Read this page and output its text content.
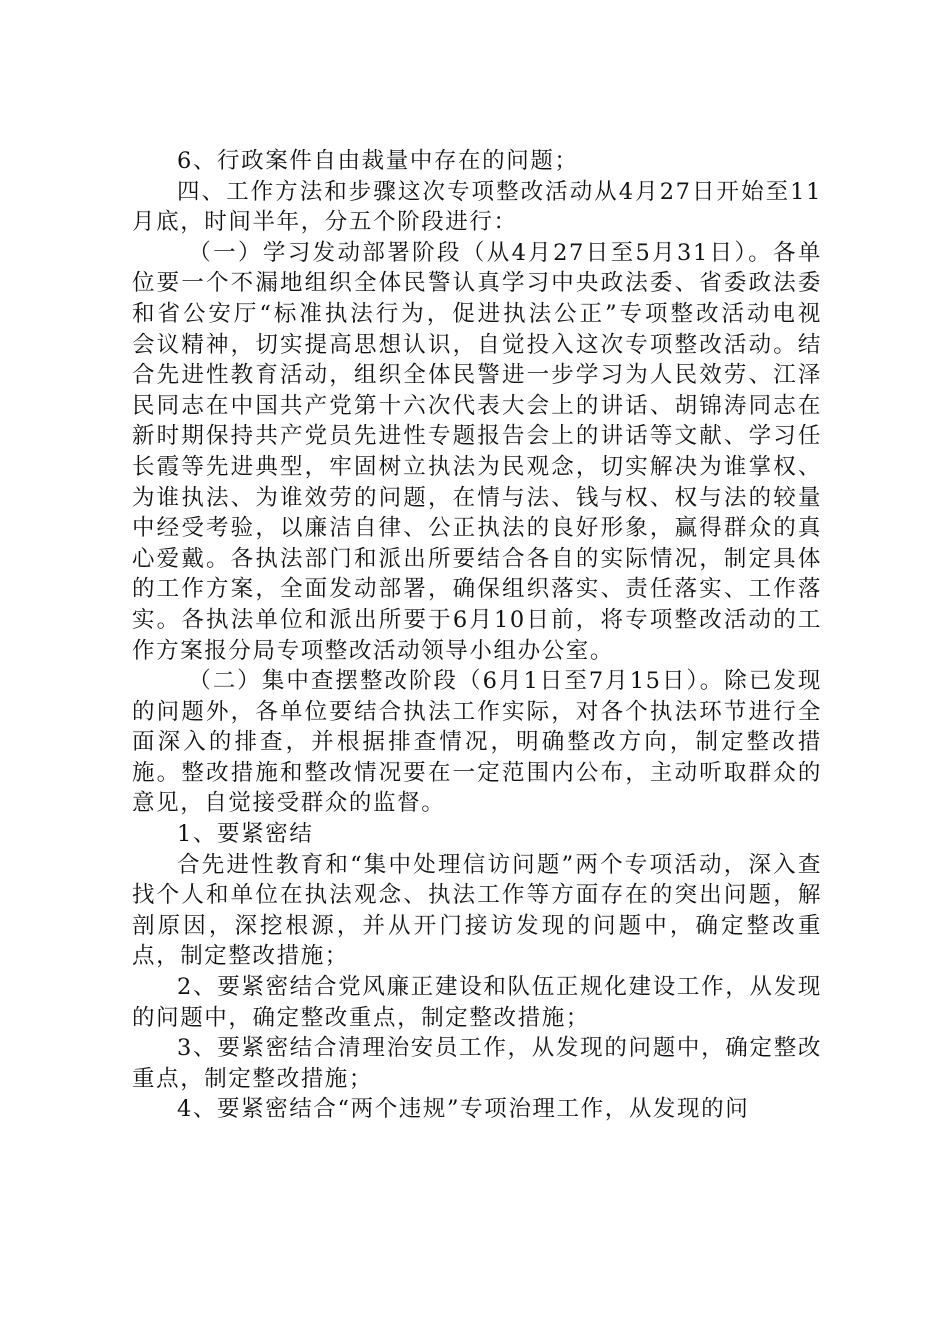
6、行政案件自由裁量中存在的问题；

四、工作方法和步骤这次专项整改活动从4月27日开始至11月底，时间半年，分五个阶段进行：

（一）学习发动部署阶段（从4月27日至5月31日）。各单位要一个不漏地组织全体民警认真学习中央政法委、省委政法委和省公安厅“标准执法行为，促进执法公正”专项整改活动电视　　会议精神，切实提高思想认识，自觉投入这次专项整改活动。结合先进性教育活动，组织全体民警进一步学习为人民效劳、江泽民同志在中国共产党第十六次代表大会上的讲话、胡锦涛同志在新时期保持共产党员先进性专题报告会上的讲话等文献、学习任长霞等先进典型，牢固树立执法为民观念，切实解决为谁掌权、为谁执法、为谁效劳的问题，在情与法、钱与权、权与法的较量中经受考验，以廉洁自律、公正执法的良好形象，赢得群众的真心爱戴。各执法部门和派出所要结合各自的实际情况，制定具体的工作方案，全面发动部署，确保组织落实、责任落实、工作落实。各执法单位和派出所要于6月10日前，将专项整改活动的工作方案报分局专项整改活动领导小组办公室。

（二）集中查摆整改阶段（6月1日至7月15日）。除已发现的问题外，各单位要结合执法工作实际，对各个执法环节进行全面深入的排查，并根据排查情况，明确整改方向，制定整改措施。整改措施和整改情况要在一定范围内公布，主动听取群众的意见，自觉接受群众的监督。

1、要紧密结

合先进性教育和“集中处理信访问题”两个专项活动，深入查找个人和单位在执法观念、执法工作等方面存在的突出问题，解剖原因，深挖根源，并从开门接访发现的问题中，确定整改重点，制定整改措施；

2、要紧密结合党风廉正建设和队伍正规化建设工作，从发现的问题中，确定整改重点，制定整改措施；

3、要紧密结合清理治安员工作，从发现的问题中，确定整改重点，制定整改措施；

4、要紧密结合“两个违规”专项治理工作，从发现的问
